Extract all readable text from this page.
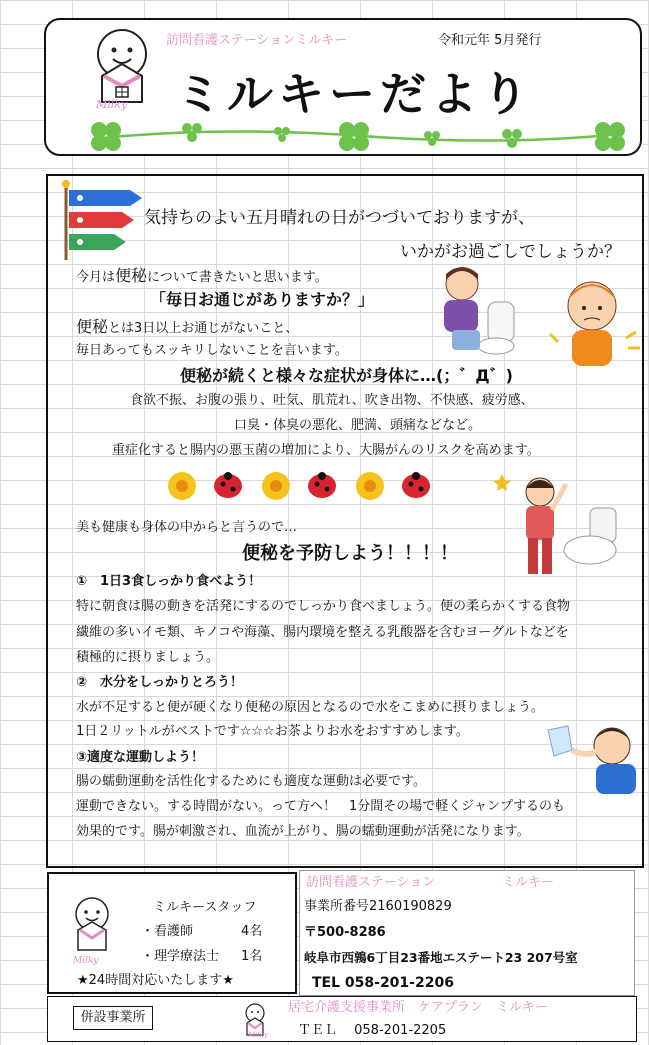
Milky
訪問看護ステーションミルキー	令和元年 5月発行
ミルキーだより
気持ちのよい五月晴れの日がつづいておりますが、
いかがお過ごしでしょうか？
今月は便秘について書きたいと思います。
「毎日お通じがありますか？」
便秘とは3日以上お通じがないこと、
毎日あってもスッキリしないことを言います。
便秘が続くと様々な症状が身体に…(；゛Д゛)
食欲不振、お腹の張り、吐気、肌荒れ、吹き出物、不快感、疲労感、
口臭・体臭の悪化、肥満、頭痛などなど。
重症化すると腸内の悪玉菌の増加により、大腸がんのリスクを高めます。
美も健康も身体の中からと言うので…
便秘を予防しよう！！！！
①　1日3食しっかり食べよう！
特に朝食は腸の動きを活発にするのでしっかり食べましょう。便の柔らかくする食物
繊維の多いイモ類、キノコや海藻、腸内環境を整える乳酸器を含むヨーグルトなどを
積極的に摂りましょう。
②　水分をしっかりとろう！
水が不足すると便が硬くなり便秘の原因となるので水をこまめに摂りましょう。
1日２リットルがベストです☆☆☆お茶よりお水をおすすめします。
③適度な運動しよう！
腸の蠕動運動を活性化するためにも適度な運動は必要です。
運動できない。する時間がない。って方へ！　1分間その場で軽くジャンプするのも
効果的です。腸が刺激され、血流が上がり、腸の蠕動運動が活発になります。
Milky
ミルキースタッフ
・看護師	4名
・理学療法士 1名
★24時間対応いたします★
訪問看護ステーション	ミルキー
事業所番号2160190829
〒500-8286
岐阜市西鶉6丁目23番地エステート23 207号室
TEL 058-201-2206
Milky
居宅介護支援事業所　ケアプラン　ミルキー
ＴＥＬ　 058-201-2205
併設事業所
